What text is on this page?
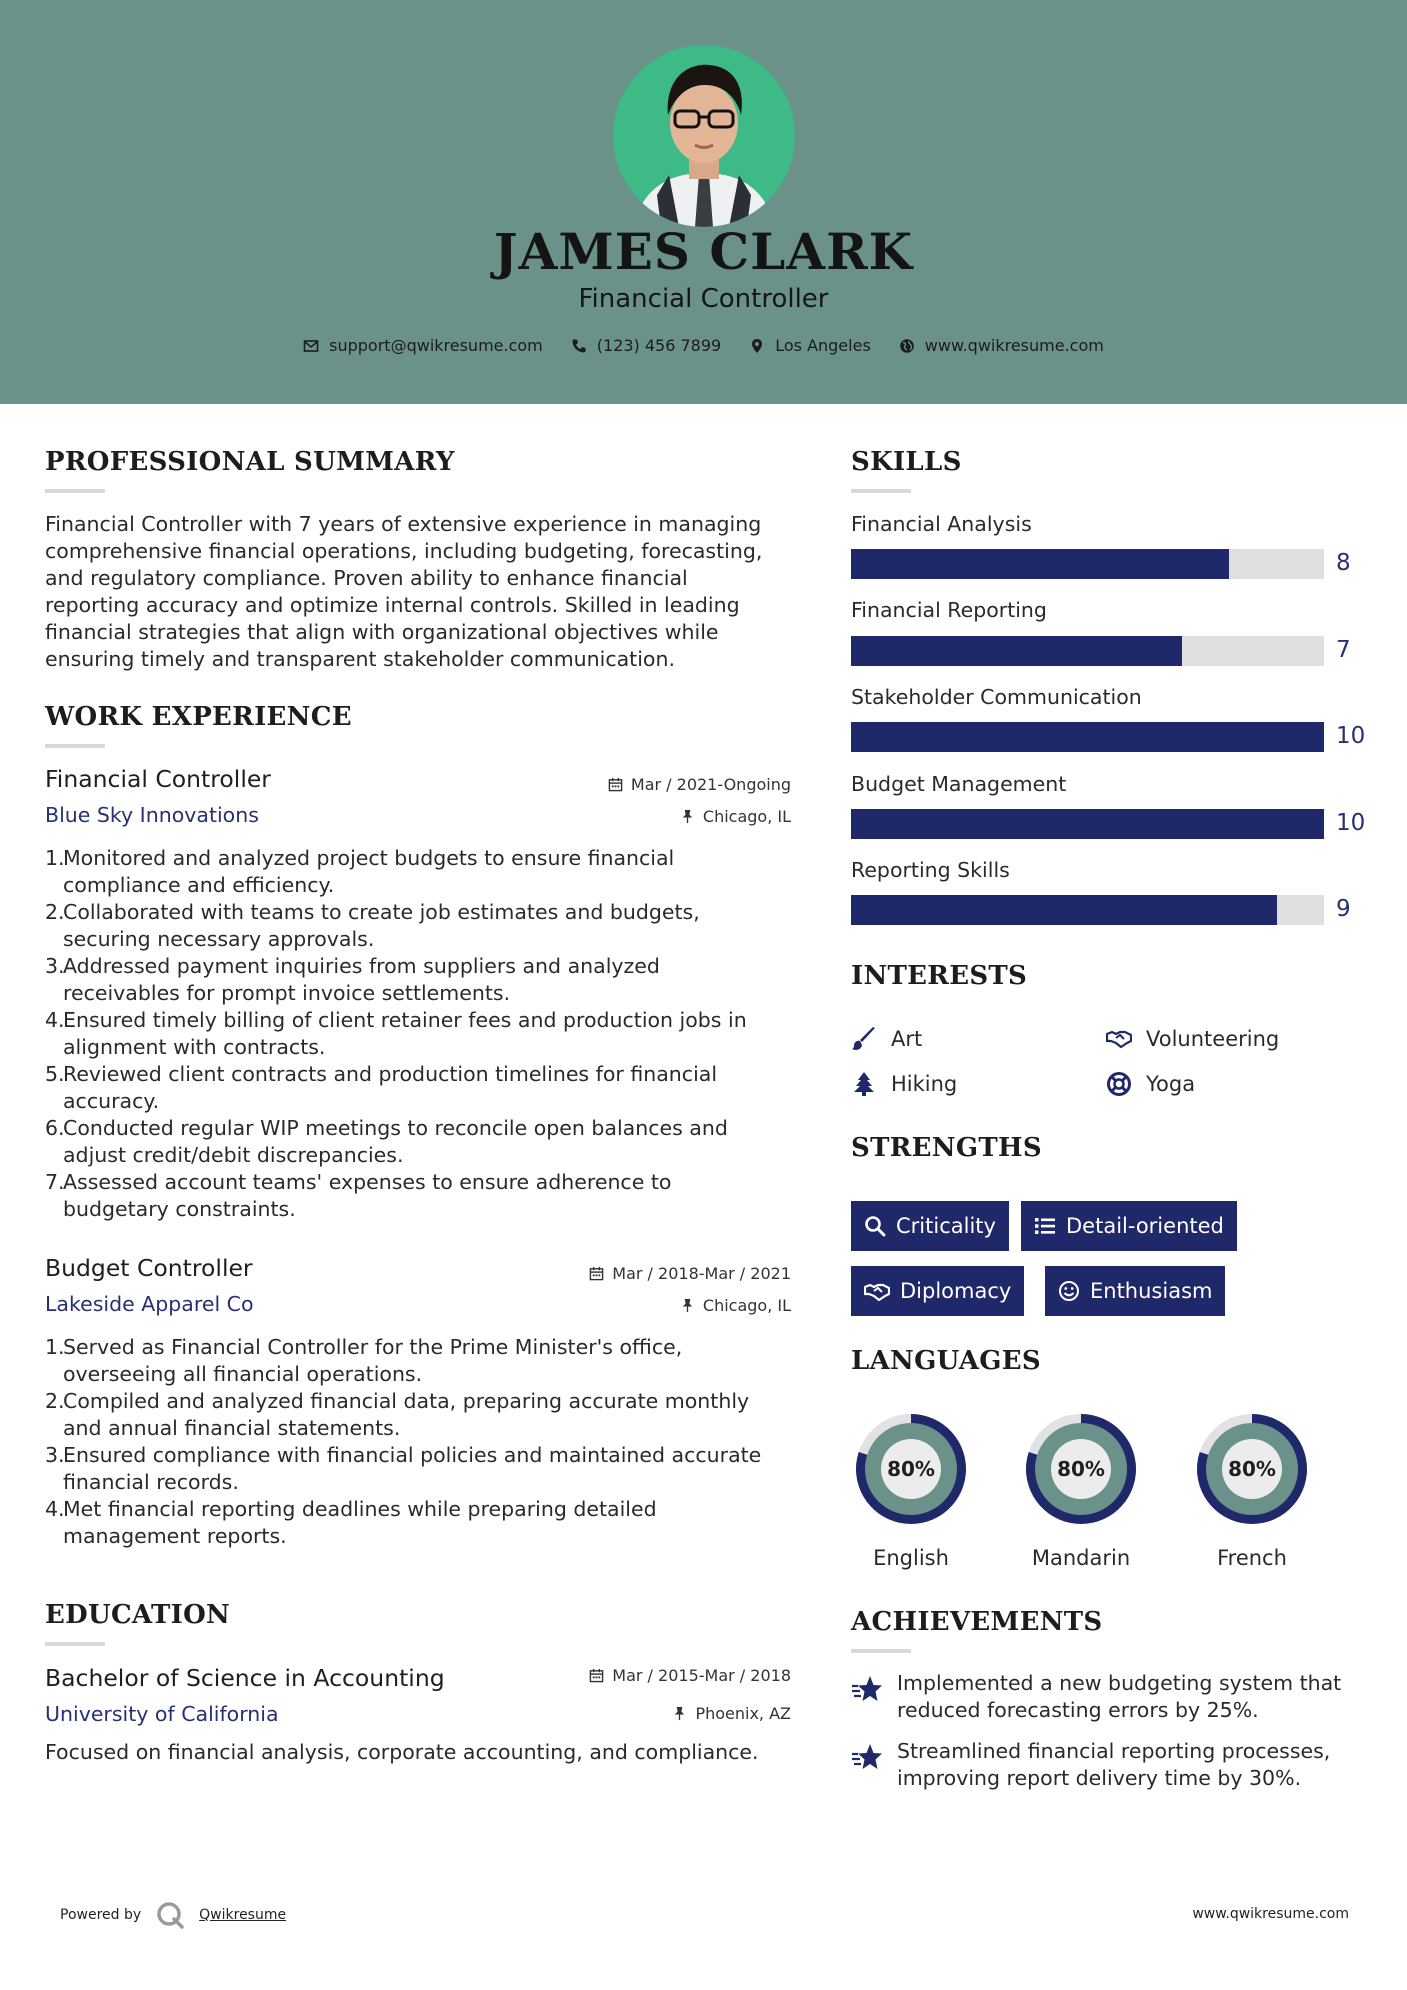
JAMES CLARK
Financial Controller
support@qwikresume.com	(123) 456 7899	Los Angeles	www.qwikresume.com
PROFESSIONAL SUMMARY
Financial Controller with 7 years of extensive experience in managing
comprehensive financial operations, including budgeting, forecasting,
and regulatory compliance. Proven ability to enhance financial
reporting accuracy and optimize internal controls. Skilled in leading
financial strategies that align with organizational objectives while
ensuring timely and transparent stakeholder communication.
WORK EXPERIENCE
Financial Controller	Mar / 2021-Ongoing
Blue Sky Innovations	Chicago, IL
1.
Monitored and analyzed project budgets to ensure financial
compliance and efficiency.
2.
Collaborated with teams to create job estimates and budgets,
securing necessary approvals.
3.
Addressed payment inquiries from suppliers and analyzed
receivables for prompt invoice settlements.
4.
Ensured timely billing of client retainer fees and production jobs in
alignment with contracts.
5.
Reviewed client contracts and production timelines for financial
accuracy.
6.
Conducted regular WIP meetings to reconcile open balances and
adjust credit/debit discrepancies.
7.
Assessed account teams' expenses to ensure adherence to
budgetary constraints.
Budget Controller	Mar / 2018-Mar / 2021
Lakeside Apparel Co	Chicago, IL
1.
Served as Financial Controller for the Prime Minister's office,
overseeing all financial operations.
2.
Compiled and analyzed financial data, preparing accurate monthly
and annual financial statements.
3.
Ensured compliance with financial policies and maintained accurate
financial records.
4.
Met financial reporting deadlines while preparing detailed
management reports.
EDUCATION
Bachelor of Science in Accounting	Mar / 2015-Mar / 2018
University of California	Phoenix, AZ
Focused on financial analysis, corporate accounting, and compliance.
SKILLS
Financial Analysis
8
Financial Reporting
7
Stakeholder Communication
10
Budget Management
10
Reporting Skills
9
INTERESTS
Art	Volunteering
Hiking	Yoga
STRENGTHS
Criticality	Detail-oriented
Diplomacy	Enthusiasm
LANGUAGES
80%
English
80%
Mandarin
80%
French
ACHIEVEMENTS
Implemented a new budgeting system that
reduced forecasting errors by 25%.
Streamlined financial reporting processes,
improving report delivery time by 30%.
Powered by	Qwikresume	www.qwikresume.com
